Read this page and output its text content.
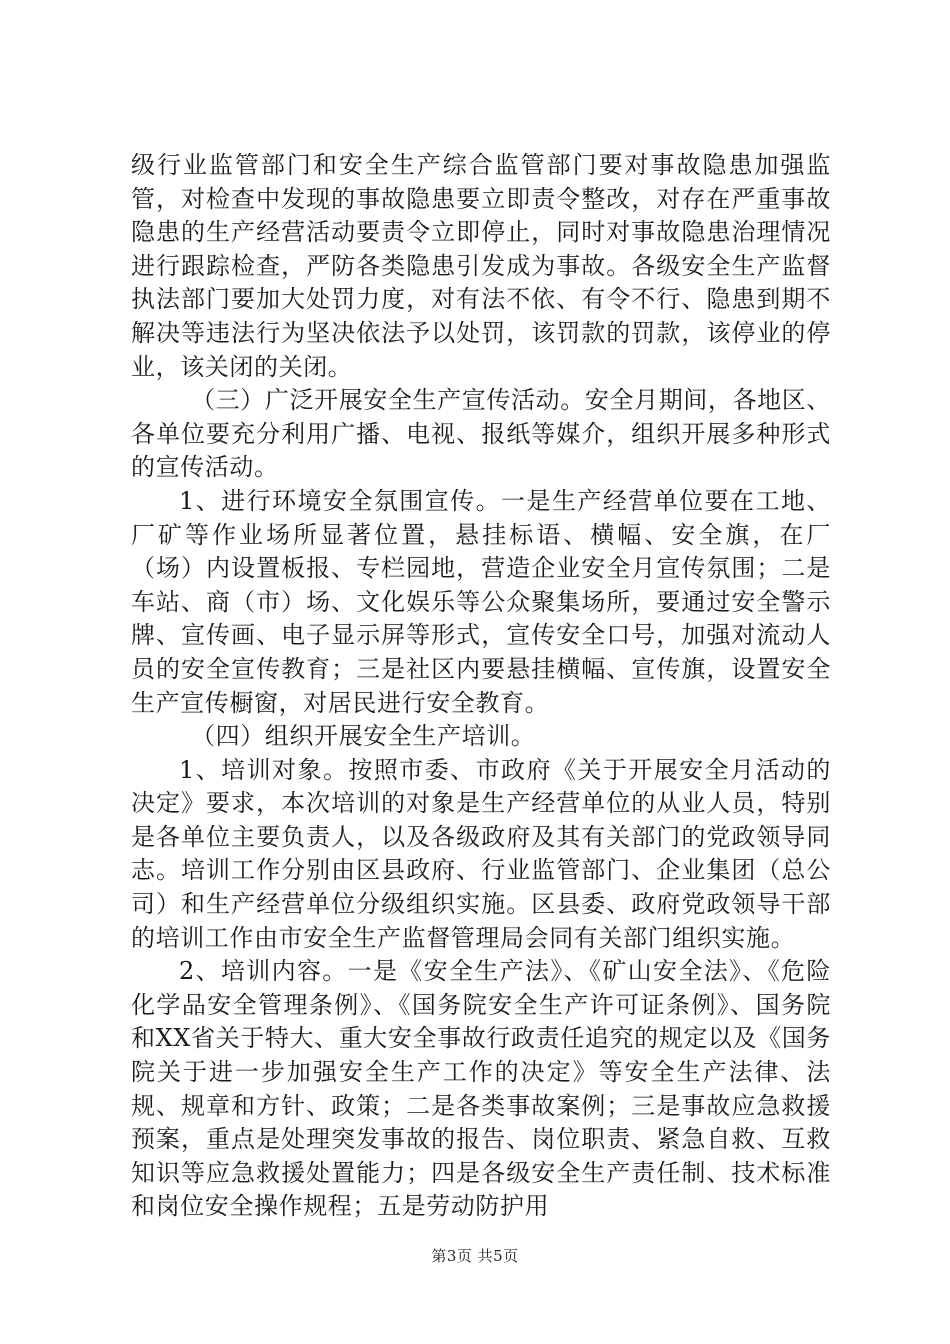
级行业监管部门和安全生产综合监管部门要对事故隐患加强监管，对检查中发现的事故隐患要立即责令整改，对存在严重事故隐患的生产经营活动要责令立即停止，同时对事故隐患治理情况进行跟踪检查，严防各类隐患引发成为事故。各级安全生产监督执法部门要加大处罚力度，对有法不依、有令不行、隐患到期不解决等违法行为坚决依法予以处罚，该罚款的罚款，该停业的停业，该关闭的关闭。

（三）广泛开展安全生产宣传活动。安全月期间，各地区、各单位要充分利用广播、电视、报纸等媒介，组织开展多种形式的宣传活动。

1、进行环境安全氛围宣传。一是生产经营单位要在工地、厂矿等作业场所显著位置，悬挂标语、横幅、安全旗，在厂（场）内设置板报、专栏园地，营造企业安全月宣传氛围；二是车站、商（市）场、文化娱乐等公众聚集场所，要通过安全警示牌、宣传画、电子显示屏等形式，宣传安全口号，加强对流动人员的安全宣传教育；三是社区内要悬挂横幅、宣传旗，设置安全生产宣传橱窗，对居民进行安全教育。

（四）组织开展安全生产培训。

1、培训对象。按照市委、市政府《关于开展安全月活动的决定》要求，本次培训的对象是生产经营单位的从业人员，特别是各单位主要负责人，以及各级政府及其有关部门的党政领导同志。培训工作分别由区县政府、行业监管部门、企业集团（总公司）和生产经营单位分级组织实施。区县委、政府党政领导干部的培训工作由市安全生产监督管理局会同有关部门组织实施。

2、培训内容。一是《安全生产法》、《矿山安全法》、《危险化学品安全管理条例》、《国务院安全生产许可证条例》、国务院和XX省关于特大、重大安全事故行政责任追究的规定以及《国务院关于进一步加强安全生产工作的决定》等安全生产法律、法规、规章和方针、政策；二是各类事故案例；三是事故应急救援预案，重点是处理突发事故的报告、岗位职责、紧急自救、互救知识等应急救援处置能力；四是各级安全生产责任制、技术标准和岗位安全操作规程；五是劳动防护用

第3页 共5页
